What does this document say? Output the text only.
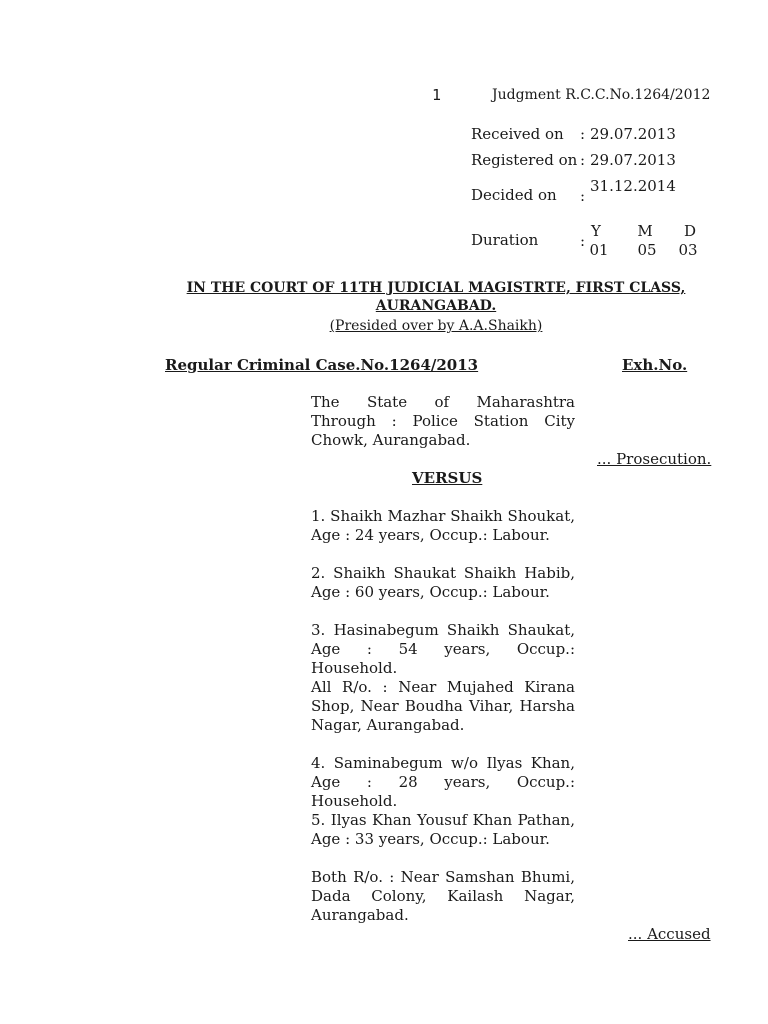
1	Judgment R.C.C.No.1264/2012
Received on : 29.07.2013
Registered on : 29.07.2013
Decided on :
31.12.2014
Duration	:
Y	M	D
01	05	03
IN THE COURT OF 11TH JUDICIAL MAGISTRTE, FIRST CLASS,
AURANGABAD.
(Presided over by A.A.Shaikh)
Regular Criminal Case.No.1264/2013	Exh.No.
The State of Maharashtra Through : Police Station City Chowk, Aurangabad.
... Prosecution.
VERSUS
1. Shaikh Mazhar Shaikh Shoukat, Age : 24 years, Occup.: Labour.
2. Shaikh Shaukat Shaikh Habib, Age : 60 years, Occup.: Labour.
3. Hasinabegum Shaikh Shaukat, Age : 54 years, Occup.: Household.
All R/o. : Near Mujahed Kirana Shop, Near Boudha Vihar, Harsha Nagar, Aurangabad.
4. Saminabegum w/o Ilyas Khan, Age : 28 years, Occup.: Household.
5. Ilyas Khan Yousuf Khan Pathan, Age : 33 years, Occup.: Labour.
Both R/o. : Near Samshan Bhumi, Dada Colony, Kailash Nagar, Aurangabad.
... Accused
